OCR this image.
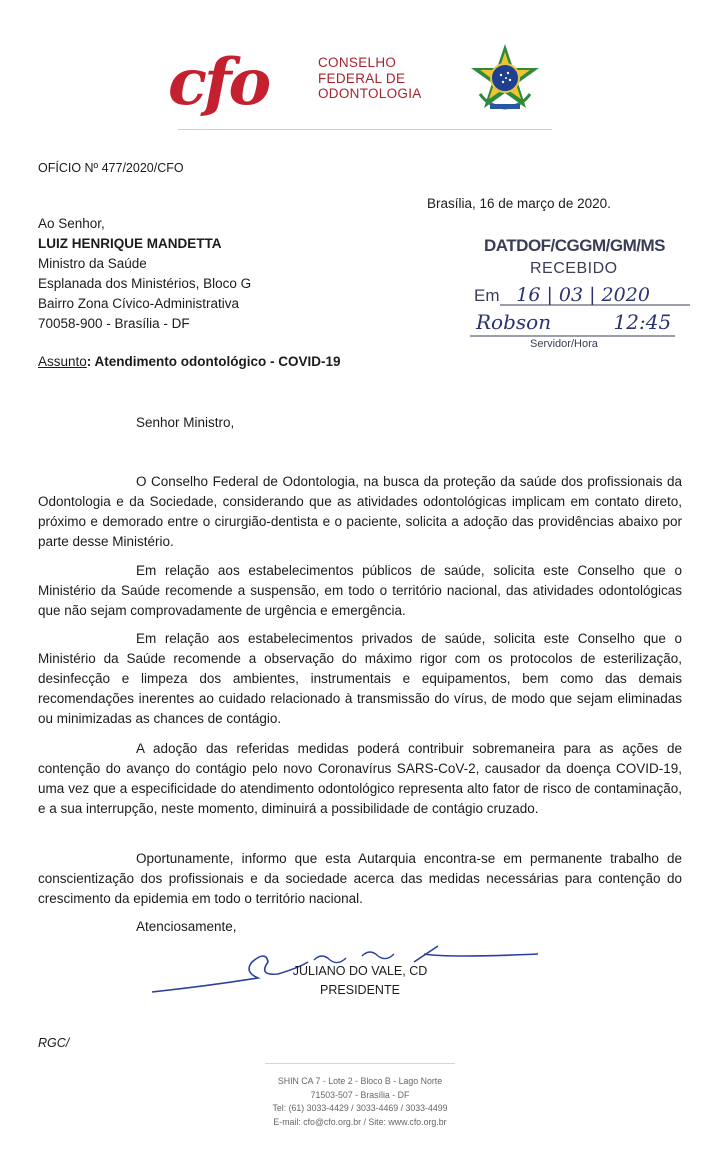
cfo	CONSELHO
FEDERAL DE
ODONTOLOGIA
OFÍCIO Nº 477/2020/CFO
Brasília, 16 de março de 2020.
Ao Senhor,
LUIZ HENRIQUE MANDETTA
Ministro da Saúde
Esplanada dos Ministérios, Bloco G
Bairro Zona Cívico-Administrativa
70058-900 - Brasília - DF
DATDOF/CGGM/GM/MS
RECEBIDO
Em 16 | 03 | 2020
Robson	12:45
Servidor/Hora
Assunto: Atendimento odontológico - COVID-19
Senhor Ministro,
O Conselho Federal de Odontologia, na busca da proteção da saúde dos profissionais da Odontologia e da Sociedade, considerando que as atividades odontológicas implicam em contato direto, próximo e demorado entre o cirurgião-dentista e o paciente, solicita a adoção das providências abaixo por parte desse Ministério.
Em relação aos estabelecimentos públicos de saúde, solicita este Conselho que o Ministério da Saúde recomende a suspensão, em todo o território nacional, das atividades odontológicas que não sejam comprovadamente de urgência e emergência.
Em relação aos estabelecimentos privados de saúde, solicita este Conselho que o Ministério da Saúde recomende a observação do máximo rigor com os protocolos de esterilização, desinfecção e limpeza dos ambientes, instrumentais e equipamentos, bem como das demais recomendações inerentes ao cuidado relacionado à transmissão do vírus, de modo que sejam eliminadas ou minimizadas as chances de contágio.
A adoção das referidas medidas poderá contribuir sobremaneira para as ações de contenção do avanço do contágio pelo novo Coronavírus SARS-CoV-2, causador da doença COVID-19, uma vez que a especificidade do atendimento odontológico representa alto fator de risco de contaminação, e a sua interrupção, neste momento, diminuirá a possibilidade de contágio cruzado.
Oportunamente, informo que esta Autarquia encontra-se em permanente trabalho de conscientização dos profissionais e da sociedade acerca das medidas necessárias para contenção do crescimento da epidemia em todo o território nacional.
Atenciosamente,
JULIANO DO VALE, CD
PRESIDENTE
RGC/
SHIN CA 7 - Lote 2 - Bloco B - Lago Norte
71503-507 - Brasília - DF
Tel: (61) 3033-4429 / 3033-4469 / 3033-4499
E-mail: cfo@cfo.org.br / Site: www.cfo.org.br
